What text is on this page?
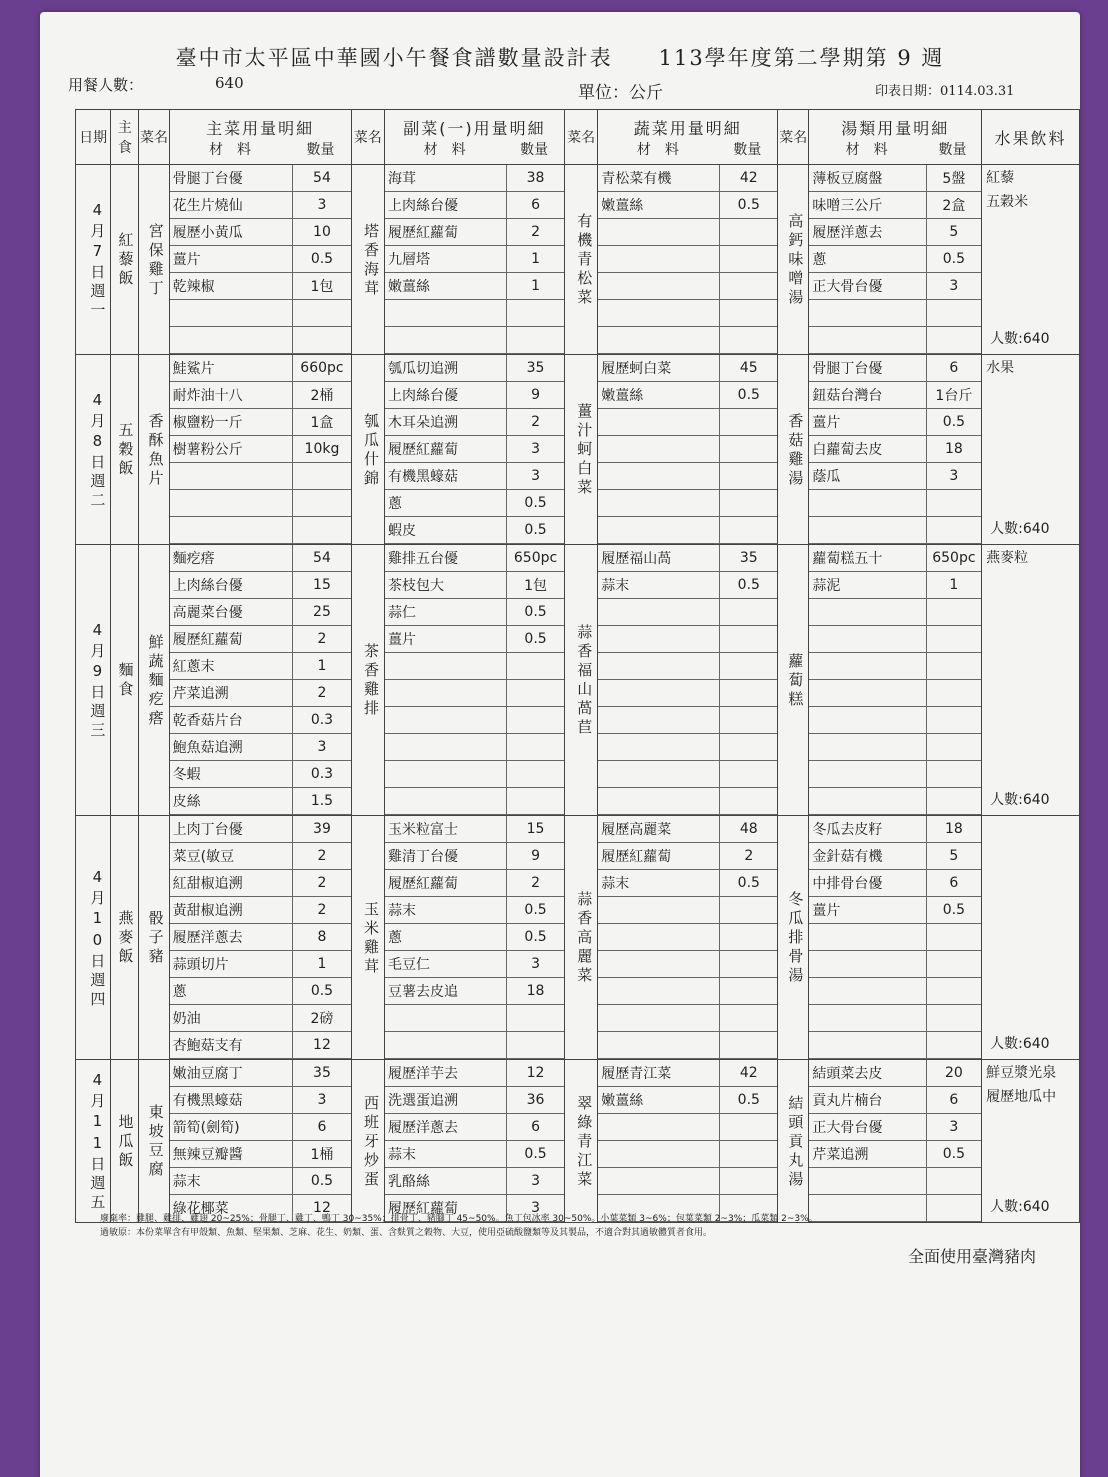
臺中市太平區中華國小午餐食譜數量設計表　　113學年度第二學期第 9 週
用餐人數：	640	單位：公斤	印表日期：0114.03.31
日期	主食	菜名	
主菜用量明細
材　料	數量
	菜名	
副菜(一)用量明細
材　料	數量
	菜名	
蔬菜用量明細
材　料	數量
	菜名	
湯類用量明細
材　料	數量
	水果飲料
4月7日週一	紅藜飯	宮保雞丁	
骨腿丁台優	54
花生片燒仙	3
履歷小黃瓜	10
薑片	0.5
乾辣椒	1包

	塔香海茸	
海茸	38
上肉絲台優	6
履歷紅蘿蔔	2
九層塔	1
嫩薑絲	1

	有機青松菜	
青松菜有機	42
嫩薑絲	0.5

	高鈣味噌湯	
薄板豆腐盤	5盤
味噌三公斤	2盒
履歷洋蔥去	5
蔥	0.5
正大骨台優	3

紅藜
五穀米
人數:640

4月8日週二	五穀飯	香酥魚片	
鮭鯊片	660pc
耐炸油十八	2桶
椒鹽粉一斤	1盒
樹薯粉公斤	10kg

	瓠瓜什錦	
瓠瓜切追溯	35
上肉絲台優	9
木耳朵追溯	2
履歷紅蘿蔔	3
有機黑蠔菇	3
蔥	0.5
蝦皮	0.5
	薑汁蚵白菜	
履歷蚵白菜	45
嫩薑絲	0.5

	香菇雞湯	
骨腿丁台優	6
鈕菇台灣台	1台斤
薑片	0.5
白蘿蔔去皮	18
蔭瓜	3

水果
人數:640

4月9日週三	麵食	鮮蔬麵疙瘩	
麵疙瘩	54
上肉絲台優	15
高麗菜台優	25
履歷紅蘿蔔	2
紅蔥末	1
芹菜追溯	2
乾香菇片台	0.3
鮑魚菇追溯	3
冬蝦	0.3
皮絲	1.5
	茶香雞排	
雞排五台優	650pc
茶枝包大	1包
蒜仁	0.5
薑片	0.5

	蒜香福山萵苣	
履歷福山萵	35
蒜末	0.5

	蘿蔔糕	
蘿蔔糕五十	650pc
蒜泥	1

燕麥粒
人數:640

4月10日週四	燕麥飯	骰子豬	
上肉丁台優	39
菜豆(敏豆	2
紅甜椒追溯	2
黃甜椒追溯	2
履歷洋蔥去	8
蒜頭切片	1
蔥	0.5
奶油	2磅
杏鮑菇支有	12
	玉米雞茸	
玉米粒富士	15
雞清丁台優	9
履歷紅蘿蔔	2
蒜末	0.5
蔥	0.5
毛豆仁	3
豆薯去皮追	18

	蒜香高麗菜	
履歷高麗菜	48
履歷紅蘿蔔	2
蒜末	0.5

	冬瓜排骨湯	
冬瓜去皮籽	18
金針菇有機	5
中排骨台優	6
薑片	0.5

人數:640

4月11日週五	地瓜飯	東坡豆腐	
嫩油豆腐丁	35
有機黑蠔菇	3
箭筍(劍筍)	6
無辣豆瓣醬	1桶
蒜末	0.5
綠花椰菜	12
	西班牙炒蛋	
履歷洋芋去	12
洗選蛋追溯	36
履歷洋蔥去	6
蒜末	0.5
乳酪絲	3
履歷紅蘿蔔	3
	翠綠青江菜	
履歷青江菜	42
嫩薑絲	0.5

	結頭貢丸湯	
結頭菜去皮	20
貢丸片楠台	6
正大骨台優	3
芹菜追溯	0.5

鮮豆漿光泉
履歷地瓜中
人數:640
廢棄率：雞腿、雞排、雞翅 20~25%；骨腿丁、雞丁、鴨丁 30~35%；排骨丁、豬腳丁 45~50%。魚丁包冰率 30~50%。小葉菜類 3~6%；包葉菜類 2~3%；瓜菜類 2~3%。
過敏原：本份菜單含有甲殼類、魚類、堅果類、芝麻、花生、奶類、蛋、含麩質之穀物、大豆，使用亞硫酸鹽類等及其製品，不適合對其過敏體質者食用。
全面使用臺灣豬肉
